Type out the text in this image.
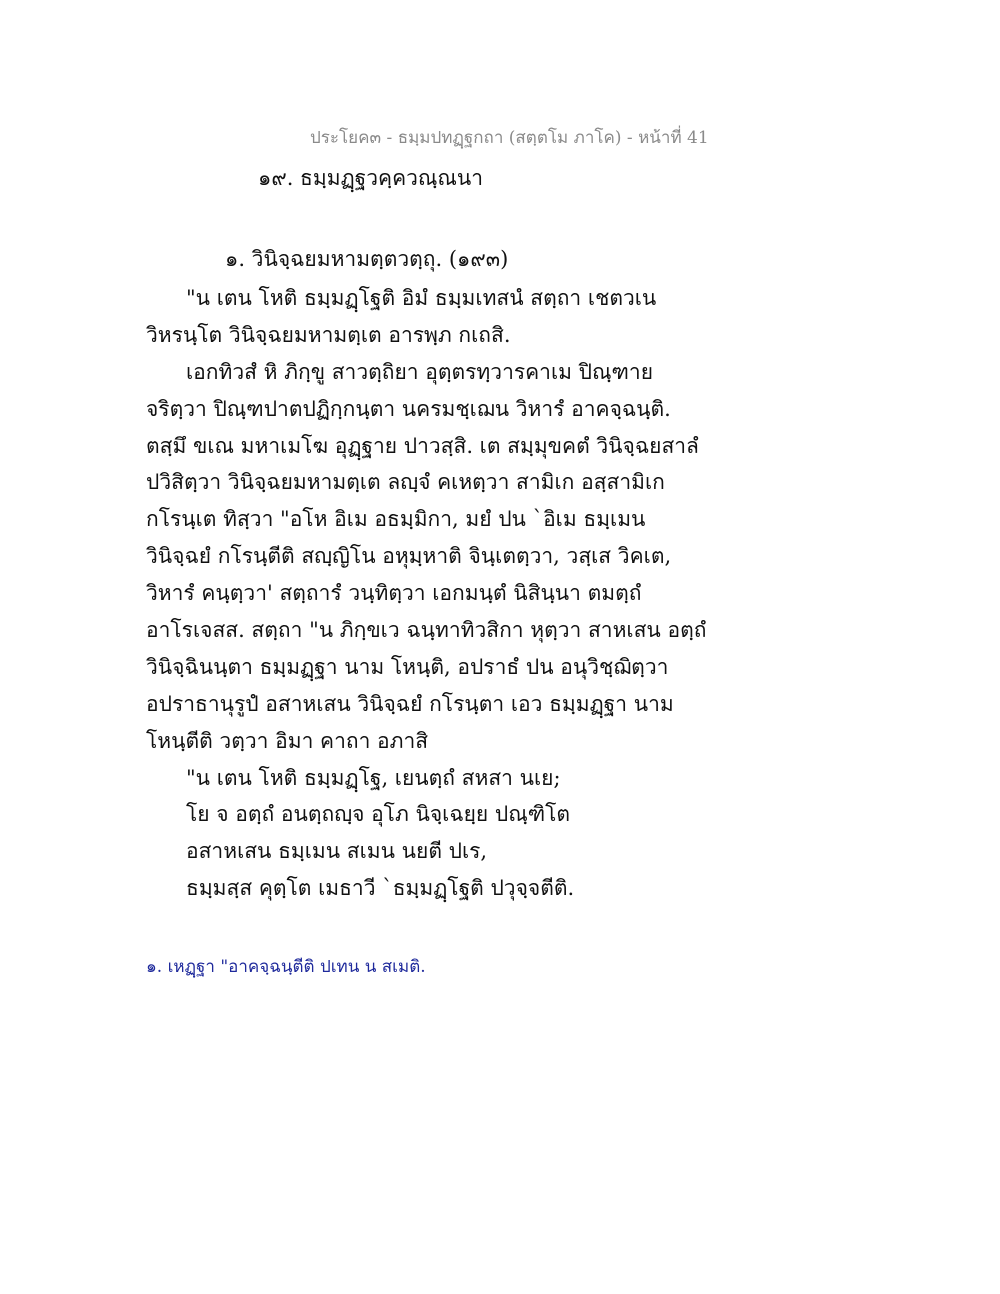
ประโยค๓ - ธมฺมปทฏฺฐกถา (สตฺตโม ภาโค) - หน้าที่ 41
๑๙. ธมฺมฏฺฐวคฺควณฺณนา
๑. วินิจฺฉยมหามตฺตวตฺถุ. (๑๙๓)
"น เตน โหติ ธมฺมฏฺโฐติ อิมํ ธมฺมเทสนํ สตฺถา เชตวเน
วิหรนฺโต วินิจฺฉยมหามตฺเต อารพฺภ กเถสิ.
เอกทิวสํ หิ ภิกฺขู สาวตฺถิยา อุตฺตรทฺวารคาเม ปิณฺฑาย
จริตฺวา ปิณฺฑปาตปฏิกฺกนฺตา นครมชฺเฌน วิหารํ อาคจฺฉนฺติ.
ตสฺมึ ขเณ มหาเมโฆ อุฏฺฐาย ปาวสฺสิ. เต สมฺมุขคตํ วินิจฺฉยสาลํ
ปวิสิตฺวา วินิจฺฉยมหามตฺเต ลญฺจํ คเหตฺวา สามิเก อสฺสามิเก
กโรนฺเต ทิสฺวา "อโห อิเม อธมฺมิกา, มยํ ปน `อิเม ธมฺเมน
วินิจฺฉยํ กโรนฺตีติ สญฺญิโน อหุมฺหาติ จินฺเตตฺวา, วสฺเส วิคเต,
วิหารํ คนฺตฺวา' สตฺถารํ วนฺทิตฺวา เอกมนฺตํ นิสินฺนา ตมตฺถํ
อาโรเจสส. สตฺถา "น ภิกฺขเว ฉนฺทาทิวสิกา หุตฺวา สาหเสน อตฺถํ
วินิจฺฉินนฺตา ธมฺมฏฺฐา นาม โหนฺติ, อปราธํ ปน อนุวิชฺฌิตฺวา
อปราธานุรูปํ อสาหเสน วินิจฺฉยํ กโรนฺตา เอว ธมฺมฏฺฐา นาม
โหนฺตีติ วตฺวา อิมา คาถา อภาสิ
"น เตน โหติ ธมฺมฏฺโฐ, เยนตฺถํ สหสา นเย;
โย จ อตฺถํ อนตฺถญฺจ อุโภ นิจฺเฉยฺย ปณฺฑิโต
อสาหเสน ธมฺเมน สเมน นยตี ปเร,
ธมฺมสฺส คุตฺโต เมธาวี `ธมฺมฏฺโฐติ ปวุจฺจตีติ.
๑. เหฏฺฐา "อาคจฺฉนฺตีติ ปเทน น สเมติ.
